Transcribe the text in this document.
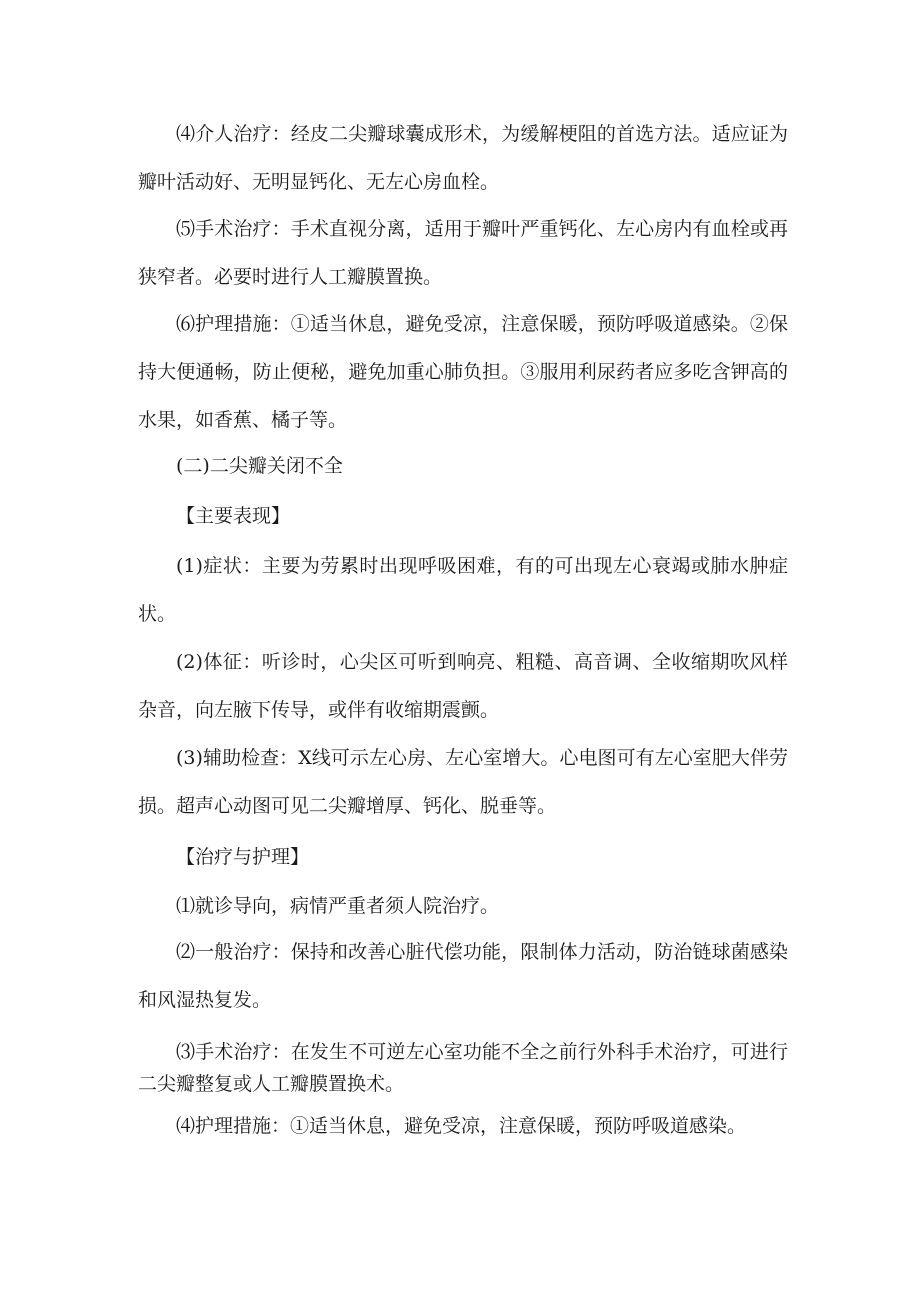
⑷介人治疗：经皮二尖瓣球囊成形术，为缓解梗阻的首选方法。适应证为瓣叶活动好、无明显钙化、无左心房血栓。

⑸手术治疗：手术直视分离，适用于瓣叶严重钙化、左心房内有血栓或再狭窄者。必要时进行人工瓣膜置换。

⑹护理措施：①适当休息，避免受凉，注意保暖，预防呼吸道感染。②保持大便通畅，防止便秘，避免加重心肺负担。③服用利尿药者应多吃含钾高的水果，如香蕉、橘子等。

(二)二尖瓣关闭不全

【主要表现】

(1)症状：主要为劳累时出现呼吸困难，有的可出现左心衰竭或肺水肿症状。

(2)体征：听诊时，心尖区可听到响亮、粗糙、高音调、全收缩期吹风样杂音，向左腋下传导，或伴有收缩期震颤。

(3)辅助检查：X线可示左心房、左心室增大。心电图可有左心室肥大伴劳损。超声心动图可见二尖瓣增厚、钙化、脱垂等。

【治疗与护理】

⑴就诊导向，病情严重者须人院治疗。

⑵一般治疗：保持和改善心脏代偿功能，限制体力活动，防治链球菌感染和风湿热复发。

⑶手术治疗：在发生不可逆左心室功能不全之前行外科手术治疗，可进行二尖瓣整复或人工瓣膜置换术。

⑷护理措施：①适当休息，避免受凉，注意保暖，预防呼吸道感染。
